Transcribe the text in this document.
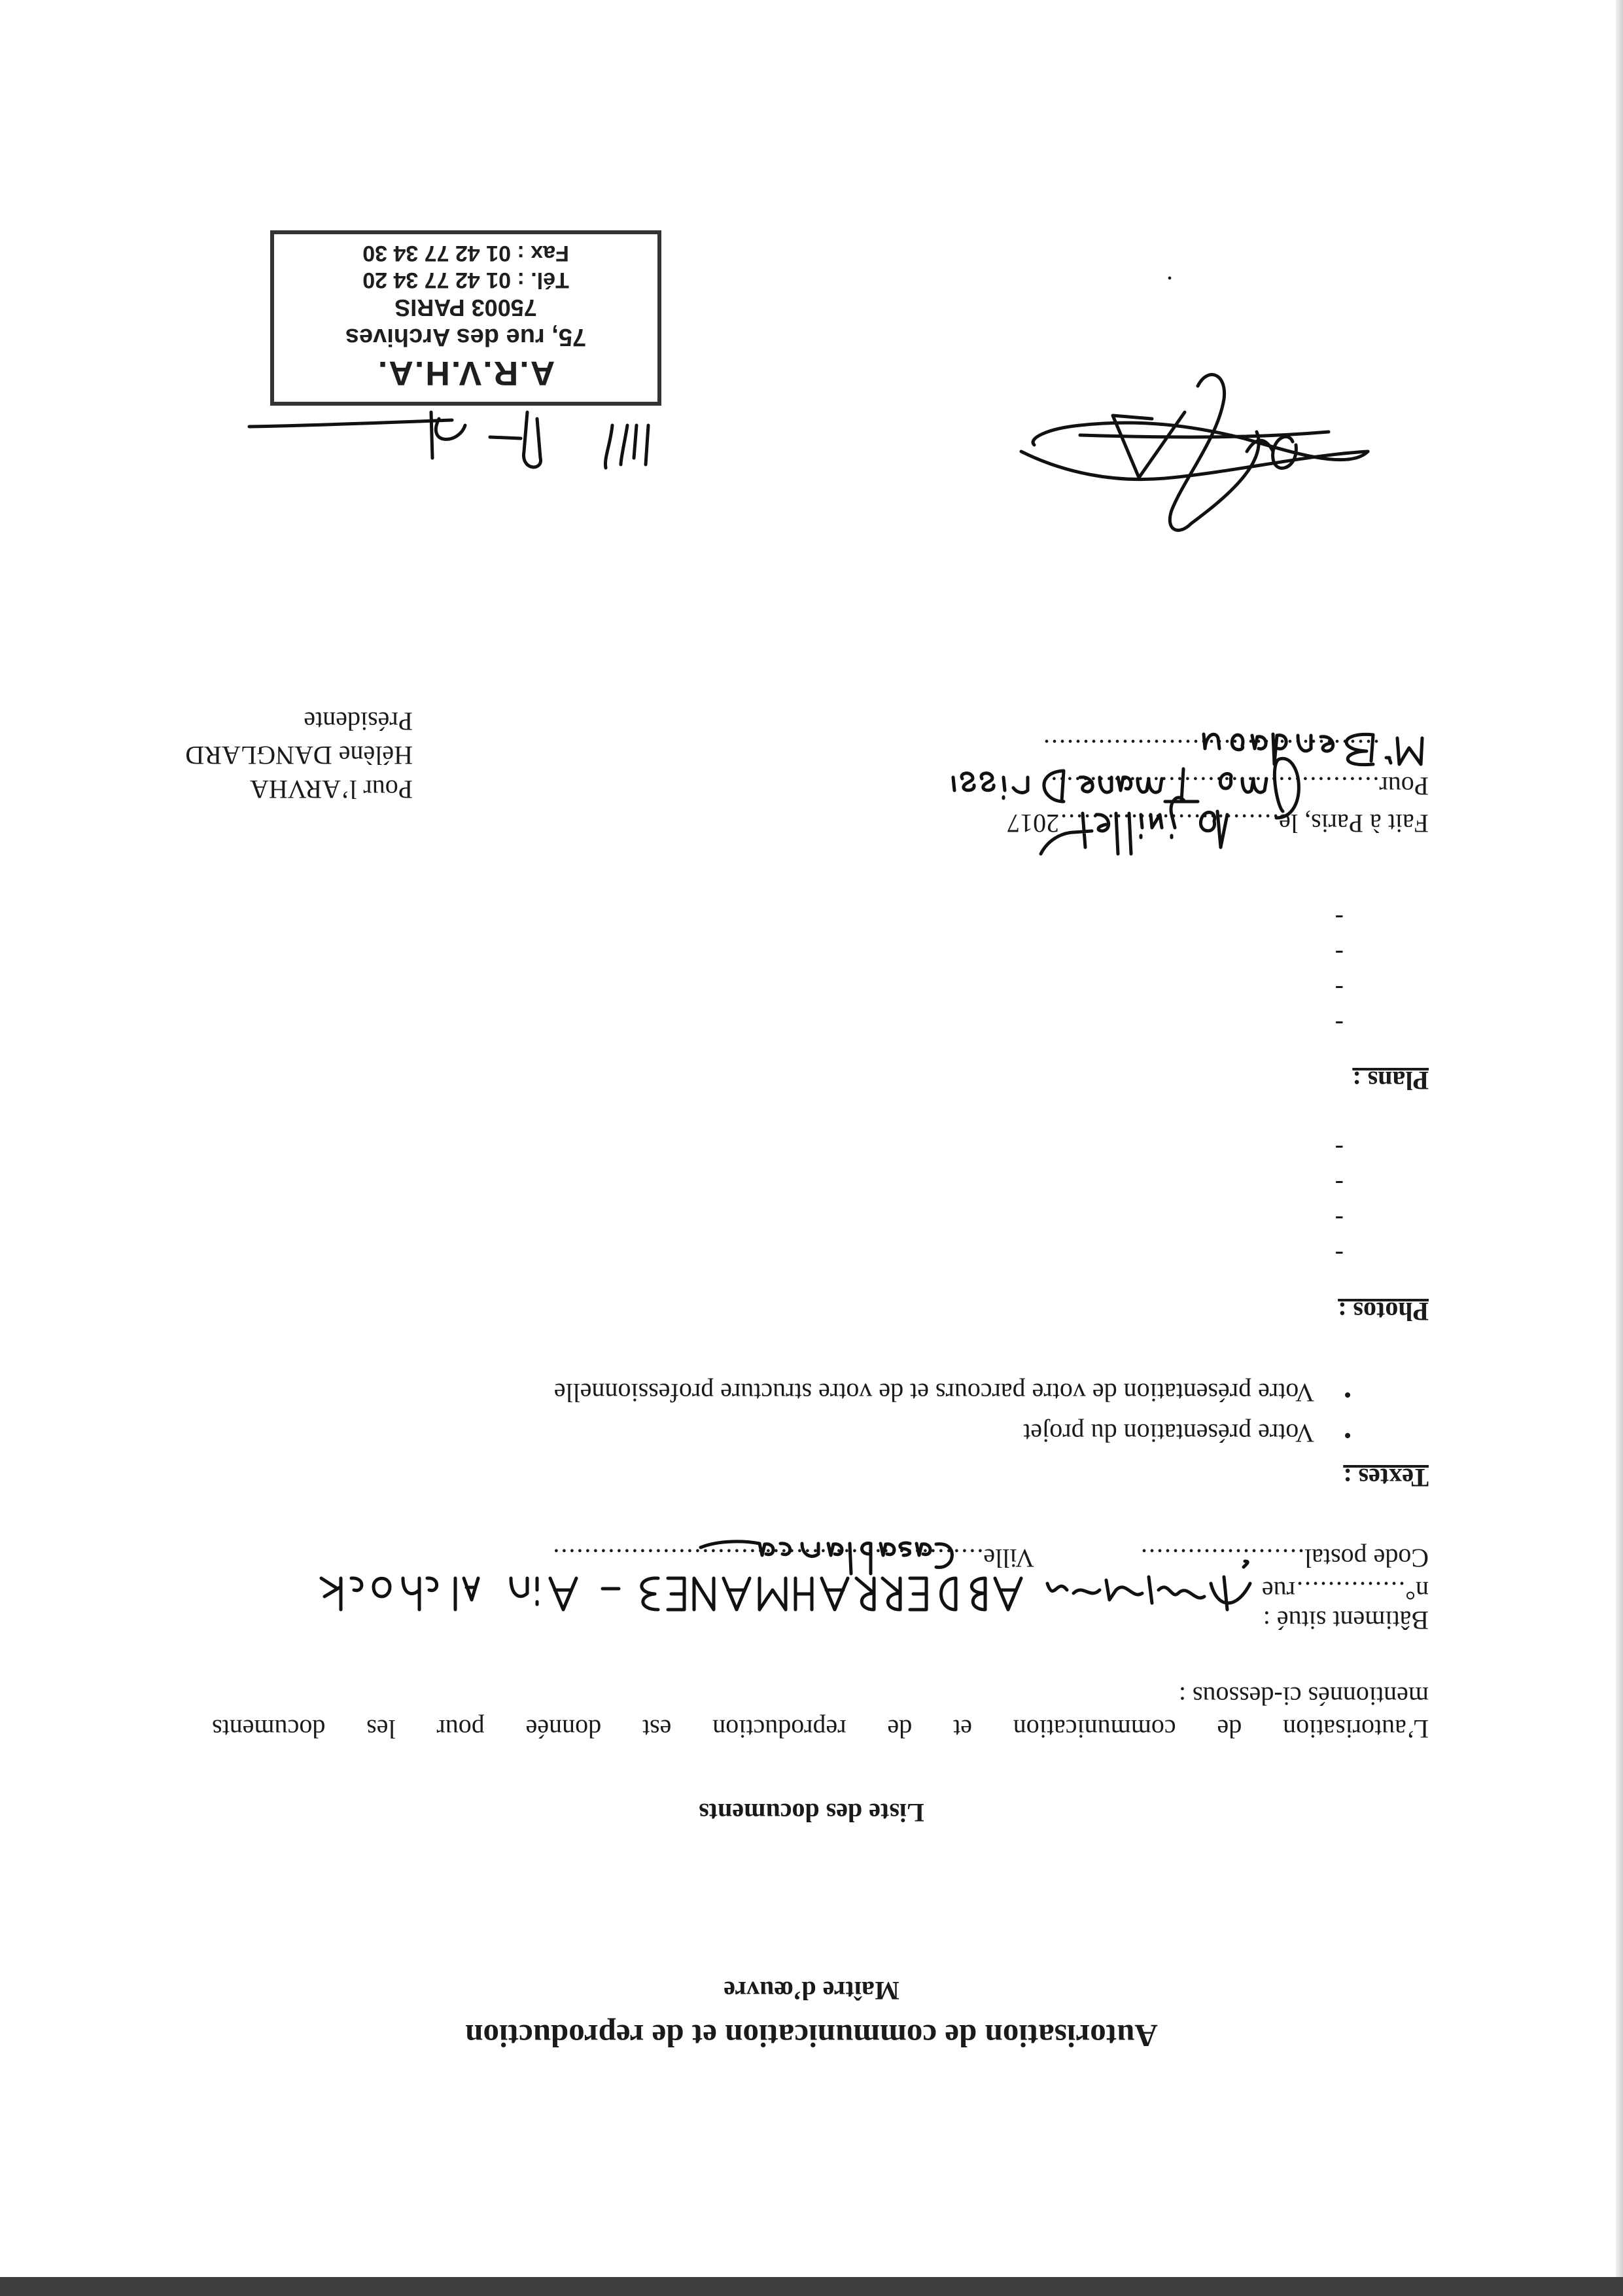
Autorisation de communication et de reproduction
Maître d’œuvre
Liste des documents
L’autorisation de communication et de reproduction est donnée pour les documents
mentionnés ci-dessous :
Bâtiment situé :
n°..............rue
Code postal.....................
Ville.......................................................
Textes :
•
Votre présentation du projet
•
Votre présentation de votre parcours et de votre structure professionnelle
Photos :
-
-
-
-
Plans :
-
-
-
-
Fait à Paris, le............................2017
Pour...........................................
...........................................
Pour l’ARVHA
Hélène DANGLARD
Présidente
.
A.R.V.H.A.
75, rue des Archives
75003 PARIS
Tél. : 01 42 77 34 20
Fax : 01 42 77 34 30
